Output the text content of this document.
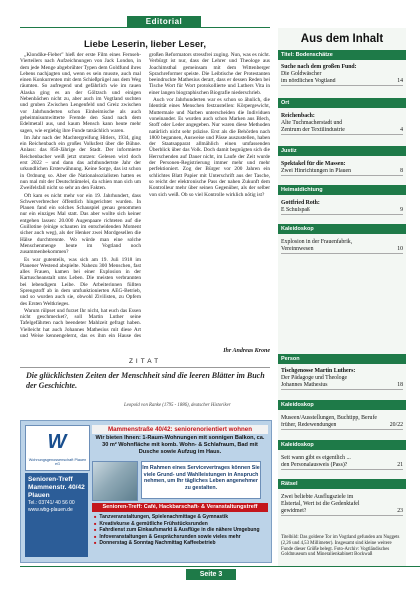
Editorial
Liebe Leserin, lieber Leser,

„Klondike-Fieber" hieß der erste Film eines Fernseh-Vierteilers nach Aufzeichnungen von Jack London, in dem jede Menge abgebrühter Typen dem Goldfund ihres Lebens nachjagten und, wenn es sein musste, auch mal einen Konkurrenten mit dem Schießprügel aus dem Weg räumten. So aufregend und gefährlich wie im rauen Alaska ging es an der Göltzsch und einigen Nebenbächen nicht zu, aber auch im Vogtland suchten und gruben Zwischen Lengenfeld und Greiz zwischen vor Jahrhunderten schon Einheimische als auch geheimnisumwitterte Fremde den Sand nach dem Edelmetall aus, und kaum Mensch kann heute mehr sagen, wie ergiebig ihre Funde tatsächlich waren.

Im Jahr nach der Machtergreifung Hitlers, 1934, ging ein Reichenbach ein großes Volksfest über die Bühne. Anlass: das 850-Jährige der Stadt. Der informierte Reichenbacher weiß jetzt stutzen: Gelesen wird doch erst 2022 – und dann das achthundertste Jahr der urkundlichen Ersterwähnung. Keine Sorge, das ist schon in Ordnung so. Aber die Nationalsozialisten hatten es nun mal mit der Deutschtümelei, da schien man sich um Zweifelsfall nicht so sehr an den Fakten.

Oft kam es nicht mehr vor ein 19. Jahrhundert, dass Schwerverbrecher öffentlich hingerichtet wurden. In Plauen fand ein solches Schauspiel genau genommen nur ein einziges Mal statt. Das aber wollte sich keiner entgehen lassen: 20.000 Augenpaare richteten auf die Guillotine (einige schauten im entscheidenden Moment sicher auch weg), als der Henker zwei Mordgesellen die Hälse durchtrennte. Wo würde man eine solche Menschenmenge heute im Vogtland noch zusammenbekommen?

Es war gutenteils, was sich am 19. Juli 1918 im Plauener Westend abspielte. Nahezu 300 Menschen, fast alles Frauen, kamen bei einer Explosion in der Kartuscheanstalt ums Leben. Die meisten verbrannten bei lebendigem Leibe. Die Arbeiterinnen füllten Sprengstoff ab in dem umfunktionierten AEG-Betrieb, und so wurden auch sie, obwohl Zivilisten, zu Opfern des Ersten Weltkrieges.

Warum rülpset und furzet Ihr nicht, hat euch das Essen nicht geschmecket?, soll Martin Luther seine Tafelgefährten nach beendeter Mahlzeit gefragt haben. Vielleicht hat auch Johannes Mathesius mit diese Art und Weise kennengelernt, das es ihm ein Hause des großen Reformators stressfrei zuging. Nun, was es nicht. Verbürgt ist nur, dass der Lehrer und Theologe aus Joachimsthal gemeinsam mit dem Wittenberger Sprachreformer speiste. Die Leibtische der Protestanten beeindruckte Mathesius derart, dass er dessen Reden bei Tische Wort für Wort protokollierte und Luthers Vita in einer langen biographischen Biografie niederschrieb.

Auch vor Jahrhunderten war es schon so ähnlich, die Identität eines Menschen festzustellen: Körpergewicht, Muttermale und Narben unterscheiden die Individuen voneinander. Es wurden auch schon Marken aus Blech, Stoff oder Leder angegeben. Nur waren diese Methoden natürlich nicht sehr präzise. Erst als die Behörden nach 1800 begannen, Ausweise und Pässe auszustellen, haben der Staatsapparat allmählich einen umfassenden Überblick über das Volk. Doch damit begnügten sich die Herrschenden auf Dauer nicht, im Laufe der Zeit wurde der Personen-Registrierung immer mehr und mehr perfektioniert. Zog der Bürger vor 200 Jahren ein schlichtes Blatt Papier mit Unterschrift aus der Tasche, so reicht der elektronische Pass der nahen Zukunft dem Kontrolleur mehr über seinen Gegenüber, als der selber von sich weiß. Ob so viel Kontrolle wirklich nötig ist?

Ihr Andreas Krone
ZITAT
Die glücklichsten Zeiten der Menschheit sind die leeren Blätter im Buch der Geschichte.
Leopold von Ranke (1795 - 1886), deutscher Historiker
W
Wohnungsgenossenschaft Plauen eG
Mammenstraße 40/42: seniorenorientiert wohnen
Wir bieten Ihnen: 1-Raum-Wohnungen mit sonnigen Balkon, ca. 30 m² Wohnfläche mit komb. Wohn- & Schlafraum, Bad mit Dusche sowie Aufzug im Haus.
Im Rahmen eines Servicevertrages können Sie viele Grund- und Wahlleistungen in Anspruch nehmen, um Ihr tägliches Leben angenehmer zu gestalten.
Senioren-Treff Mammenstr. 40/42 Plauen
Tel.: 03741/ 40 56 00 www.wbg-plauen.de	Senioren-Treff: Café, Hackbarschaft- & Veranstaltungstreff
■ Tanzveranstaltungen, Spielenachmittage & Gymnastik
■ Kreativkurse & gemütliche Frühstücksrunden
■ Fahrdienst zum Einkaufsmarkt & Ausflüge in die nähere Umgebung
■ Infoveranstaltungen & Gesprächsrunden sowie vieles mehr
■ Donnerstag & Sonntag Nachmittag Kaffeebetrieb
Seite 3
Aus dem Inhalt
Titel: Bodenschätze
Suche nach dem großen Fund:
Die Goldwäscher
im nördlichen Vogtland	14
Ort
Reichenbach:
Alte Tuchmacherstadt und
Zentrum der Textilindustrie	4
Justiz
Spektakel für die Massen:
Zwei Hinrichtungen in Plauen	8
Heimatdichtung
Gottfried Roth:
E Schulspaß	9
Kaleidoskop
Explosion in der Frauenfabrik,
Vereinnwesen	10
Person
Tischgenosse Martin Luthers:
Der Pädagoge und Theologe
Johannes Mathesius	18
Kaleidoskop
Museen/Ausstellungen, Buchtipp, Berufe
früher, Redewendungen	20/22
Kaleidoskop
Seit wann gibt es eigentlich ...
den Personalausweis (Pass)?	21
Rätsel
Zwei beliebte Ausflugsziele im
Elstertal, Wert ist die Gedenktafel
gewidmet?	23
Titelbild: Das goldene Tor im Vogtland gefunden am Nuggets (2,26 und 4,53 Millimeter). Insgesamt sind kleine weitere Funde dieser Größe belegt. Foto-Archiv: Vogtländisches Goldmuseum und Mineralienkabinett Bockwaß
